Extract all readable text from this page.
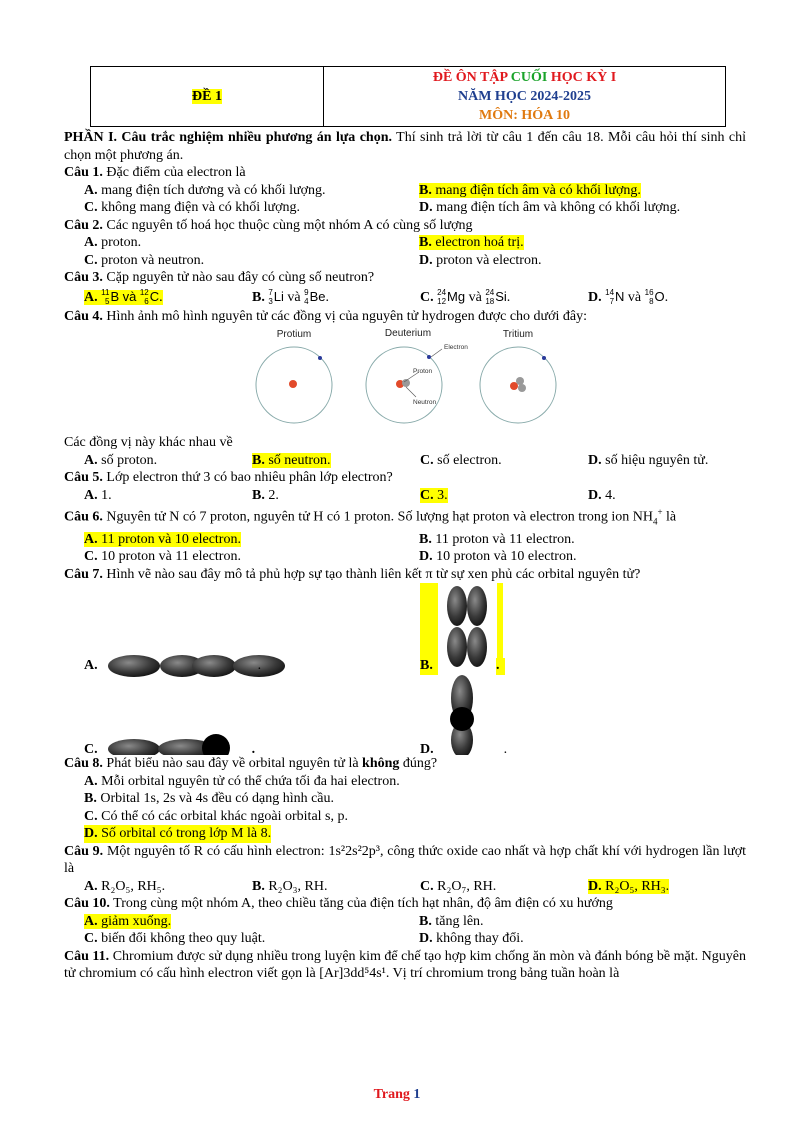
ĐỀ 1	
ĐỀ ÔN TẬP CUỐI HỌC KỲ I
NĂM HỌC 2024-2025
MÔN: HÓA 10

PHẦN I. Câu trắc nghiệm nhiều phương án lựa chọn. Thí sinh trả lời từ câu 1 đến câu 18. Mỗi câu hỏi thí sinh chỉ chọn một phương án.

Câu 1. Đặc điểm của electron là

A. mang điện tích dương và có khối lượng.	B. mang điện tích âm và có khối lượng.
C. không mang điện và có khối lượng.	D. mang điện tích âm và không có khối lượng.

Câu 2. Các nguyên tố hoá học thuộc cùng một nhóm A có cùng số lượng

A. proton.	B. electron hoá trị.
C. proton và neutron.	D. proton và electron.

Câu 3. Cặp nguyên tử nào sau đây có cùng số neutron?

A. 11
5 B và 12
6 C.	B. 7
3 Li và 9
4 Be.	C. 24
12 Mg và 24
18 Si.	D. 14
7 N và 16
8 O.

Câu 4. Hình ảnh mô hình nguyên tử các đồng vị của nguyên tử hydrogen được cho dưới đây:

Protium	Deuterium	Tritium
Electron
Proton
Neutron

Các đồng vị này khác nhau về

A. số proton.	B. số neutron.	C. số electron.	D. số hiệu nguyên tử.

Câu 5. Lớp electron thứ 3 có bao nhiêu phân lớp electron?

A. 1.	B. 2.	C. 3.	D. 4.

Câu 6. Nguyên tử N có 7 proton, nguyên tử H có 1 proton. Số lượng hạt proton và electron trong ion $NH_4^+$ là

A. 11 proton và 10 electron.	B. 11 proton và 11 electron.
C. 10 proton và 11 electron.	D. 10 proton và 10 electron.

Câu 7. Hình vẽ nào sau đây mô tả phủ hợp sự tạo thành liên kết π từ sự xen phủ các orbital nguyên tử?

A.	.	B.	.
C.	.	D.	.

Câu 8. Phát biểu nào sau đây về orbital nguyên tử là không đúng?

A.
Mỗi orbital nguyên tử có thể chứa tối đa hai electron.
B.
Orbital 1s, 2s và 4s đều có dạng hình cầu.
C.
Có thể có các orbital khác ngoài orbital s, p.
D. Số orbital có trong lớp M là 8.

Câu 9. Một nguyên tố R có cấu hình electron: 1s²2s²2p³, công thức oxide cao nhất và hợp chất khí với hydrogen lần lượt là

A. R₂O₅, RH₅.	B. R₂O₃, RH.	C. R₂O₇, RH.	D. R₂O₅, RH₃.

Câu 10. Trong cùng một nhóm A, theo chiều tăng của điện tích hạt nhân, độ âm điện có xu hướng

A. giảm xuống.	B. tăng lên.
C. biến đổi không theo quy luật.	D. không thay đổi.

Câu 11. Chromium được sử dụng nhiều trong luyện kim để chế tạo hợp kim chống ăn mòn và đánh bóng bề mặt. Nguyên tử chromium có cấu hình electron viết gọn là [Ar]3dd⁵4s¹. Vị trí chromium trong bảng tuần hoàn là

Trang 1
